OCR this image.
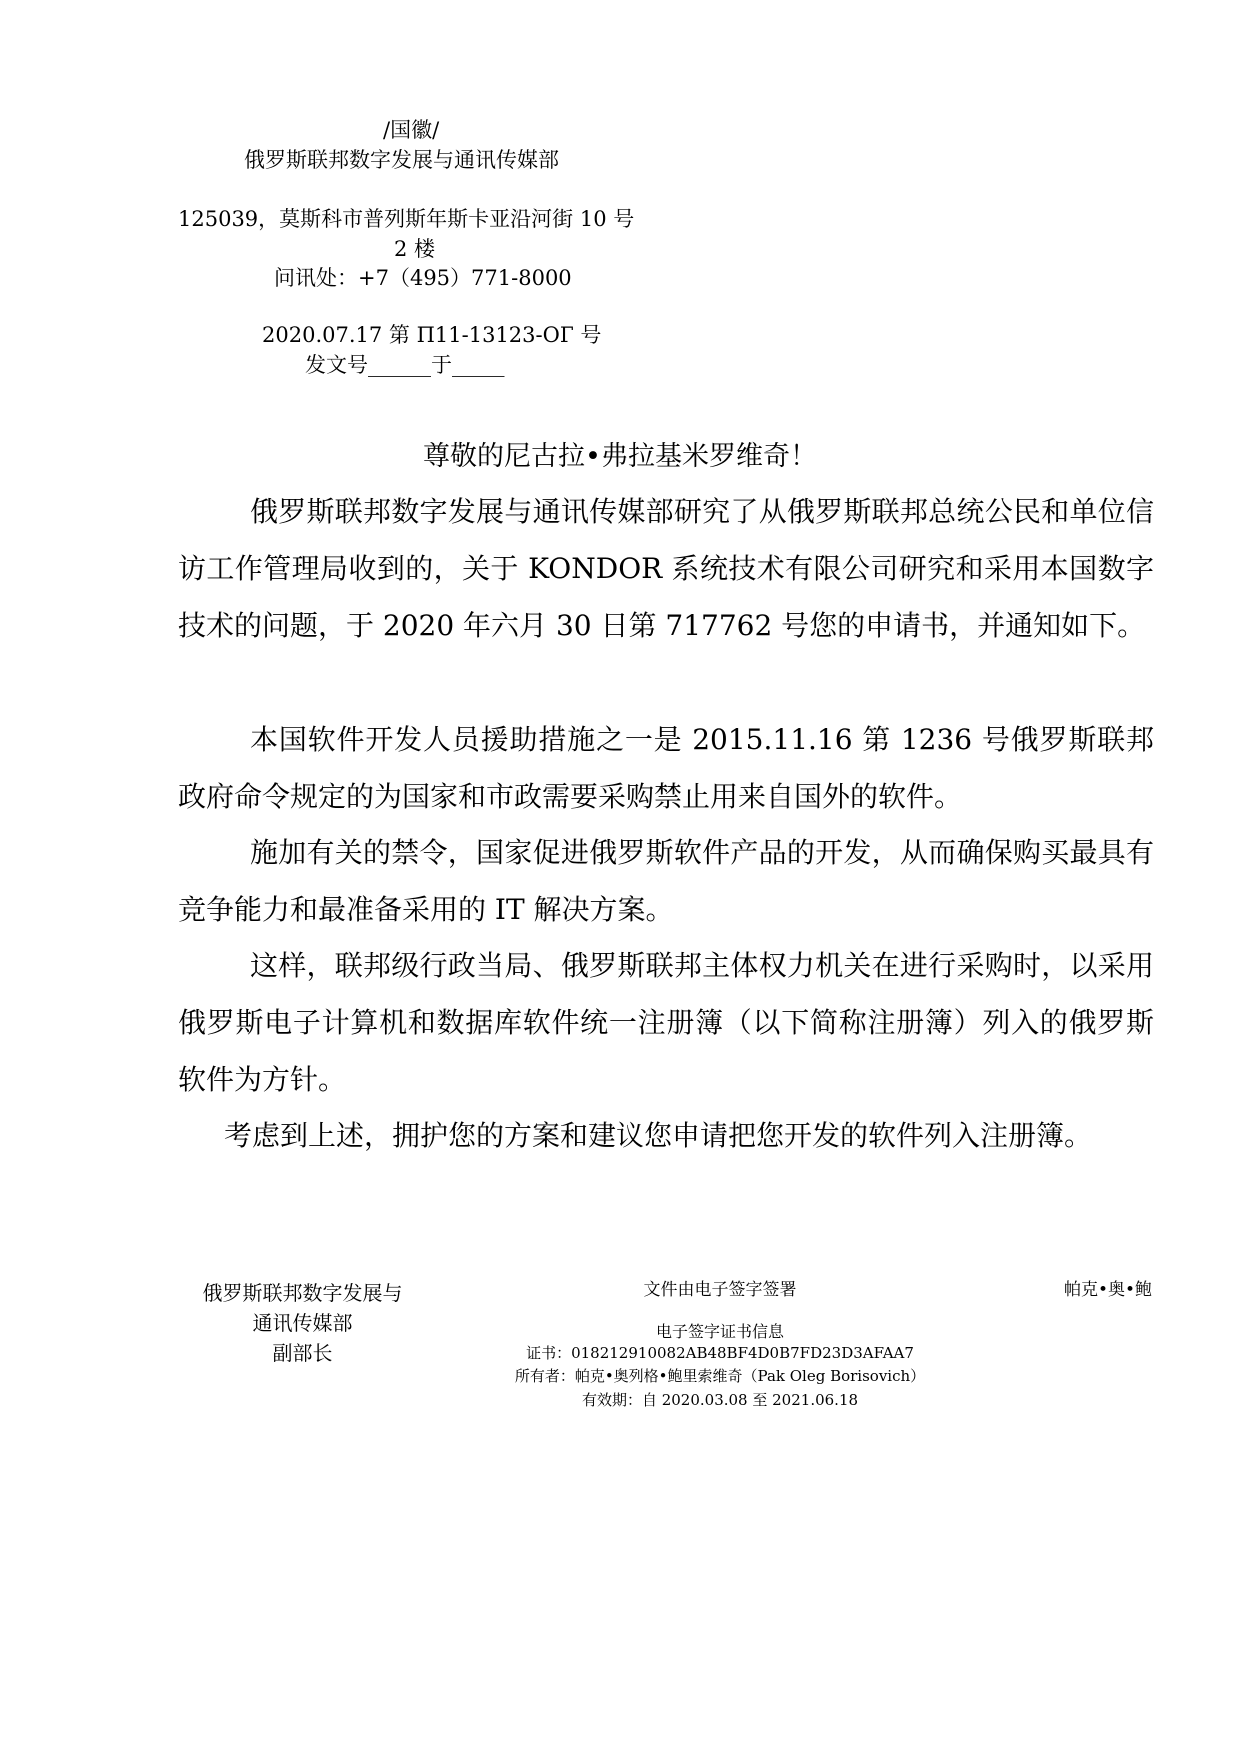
/国徽/
俄罗斯联邦数字发展与通讯传媒部
125039，莫斯科市普列斯年斯卡亚沿河街 10 号
2 楼
问讯处：+7（495）771-8000
2020.07.17 第 П11-13123-ОГ 号
发文号______于_____
尊敬的尼古拉•弗拉基米罗维奇！

俄罗斯联邦数字发展与通讯传媒部研究了从俄罗斯联邦总统公民和单位信访工作管理局收到的，关于 KONDOR 系统技术有限公司研究和采用本国数字技术的问题，于 2020 年六月 30 日第 717762 号您的申请书，并通知如下。

本国软件开发人员援助措施之一是 2015.11.16 第 1236 号俄罗斯联邦政府命令规定的为国家和市政需要采购禁止用来自国外的软件。

施加有关的禁令，国家促进俄罗斯软件产品的开发，从而确保购买最具有竞争能力和最准备采用的 IT 解决方案。

这样，联邦级行政当局、俄罗斯联邦主体权力机关在进行采购时，以采用俄罗斯电子计算机和数据库软件统一注册簿（以下简称注册簿）列入的俄罗斯软件为方针。

考虑到上述，拥护您的方案和建议您申请把您开发的软件列入注册簿。

俄罗斯联邦数字发展与
通讯传媒部
副部长
文件由电子签字签署	帕克•奥•鲍
电子签字证书信息
证书：018212910082AB48BF4D0B7FD23D3AFAA7
所有者：帕克•奥列格•鲍里索维奇（Pak Oleg Borisovich）
有效期：自 2020.03.08 至 2021.06.18
